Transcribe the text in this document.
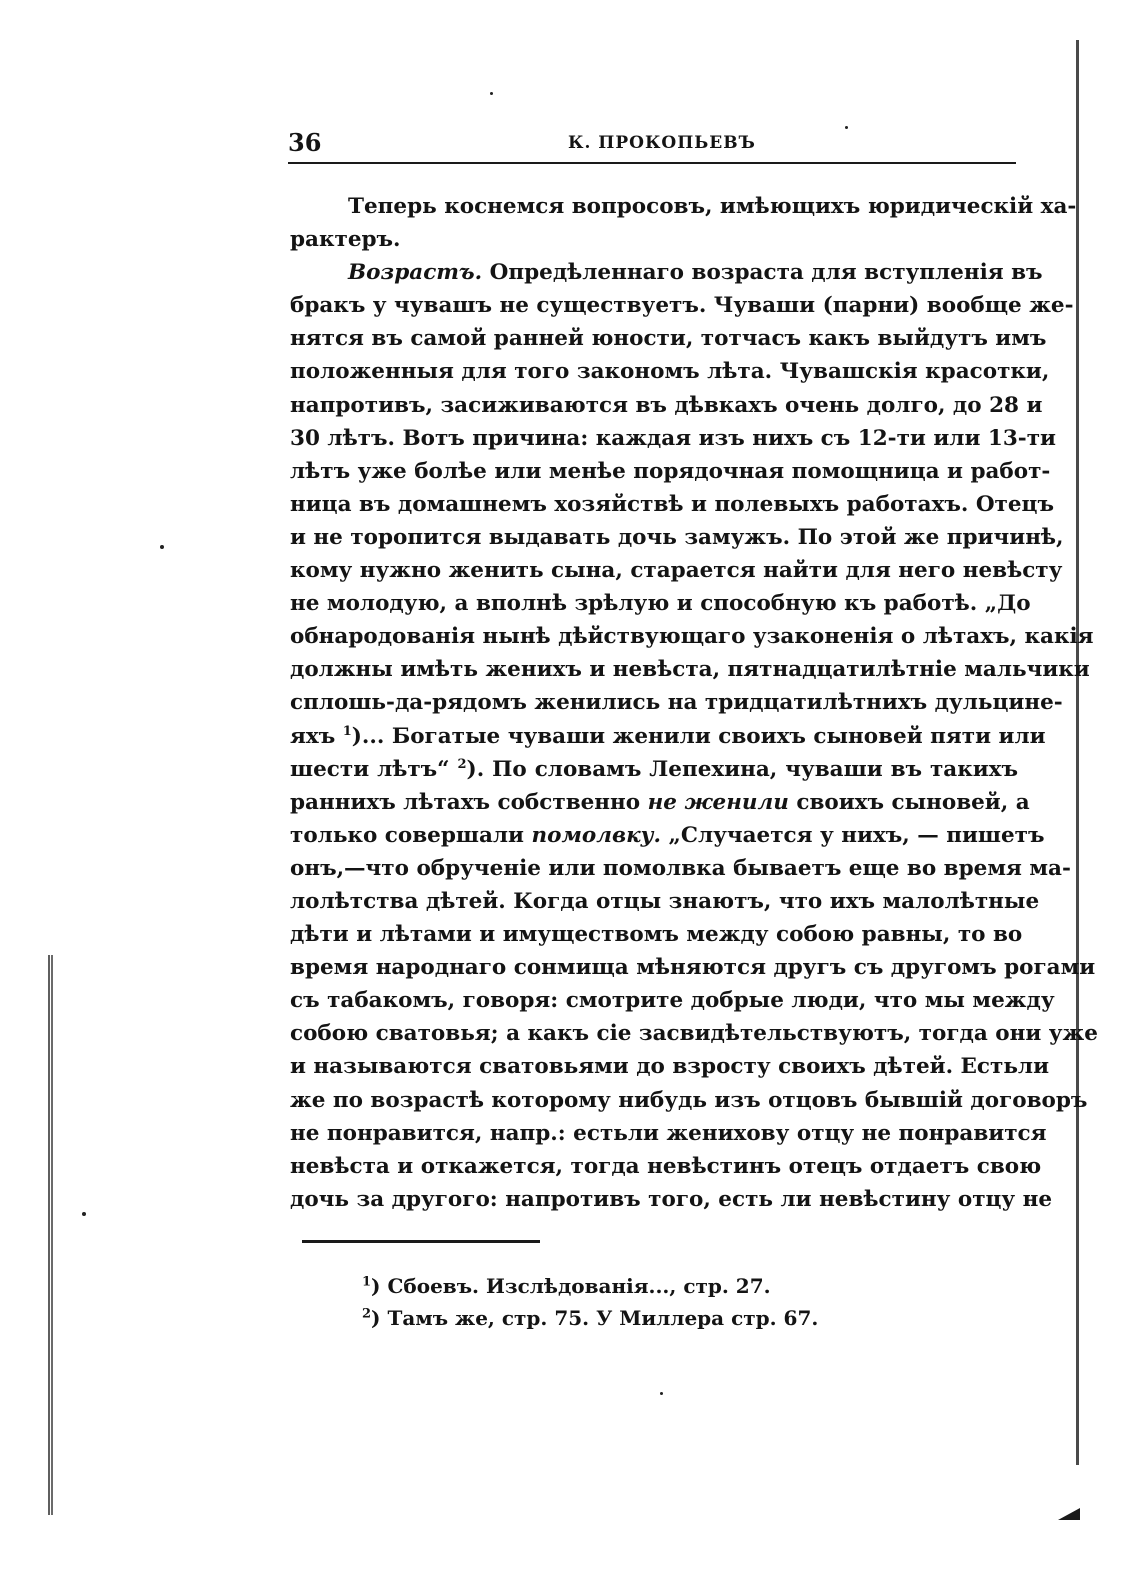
36	К. ПРОКОПЬЕВЪ
Теперь коснемся вопросовъ, имѣющихъ юридическій ха-
рактеръ.
Возрастъ. Опредѣленнаго возраста для вступленія въ
бракъ у чувашъ не существуетъ. Чуваши (парни) вообще же-
нятся въ самой ранней юности, тотчасъ какъ выйдутъ имъ
положенныя для того закономъ лѣта. Чувашскія красотки,
напротивъ, засиживаются въ дѣвкахъ очень долго, до 28 и
30 лѣтъ. Вотъ причина: каждая изъ нихъ съ 12-ти или 13-ти
лѣтъ уже болѣе или менѣе порядочная помощница и работ-
ница въ домашнемъ хозяйствѣ и полевыхъ работахъ. Отецъ
и не торопится выдавать дочь замужъ. По этой же причинѣ,
кому нужно женить сына, старается найти для него невѣсту
не молодую, а вполнѣ зрѣлую и способную къ работѣ. „До
обнародованія нынѣ дѣйствующаго узаконенія о лѣтахъ, какія
должны имѣть женихъ и невѣста, пятнадцатилѣтніе мальчики
сплошь-да-рядомъ женились на тридцатилѣтнихъ дульцине-
яхъ $^1$)... Богатые чуваши женили своихъ сыновей пяти или
шести лѣтъ“ $^2$). По словамъ Лепехина, чуваши въ такихъ
раннихъ лѣтахъ собственно не женили своихъ сыновей, а
только совершали помолвку. „Случается у нихъ, — пишетъ
онъ,—что обрученіе или помолвка бываетъ еще во время ма-
лолѣтства дѣтей. Когда отцы знаютъ, что ихъ малолѣтные
дѣти и лѣтами и имуществомъ между собою равны, то во
время народнаго сонмища мѣняются другъ съ другомъ рогами
съ табакомъ, говоря: смотрите добрые люди, что мы между
собою сватовья; а какъ сіе засвидѣтельствуютъ, тогда они уже
и называются сватовьями до взросту своихъ дѣтей. Естьли
же по возрастѣ которому нибудь изъ отцовъ бывшій договоръ
не понравится, напр.: естьли женихову отцу не понравится
невѣста и откажется, тогда невѣстинъ отецъ отдаетъ свою
дочь за другого: напротивъ того, есть ли невѣстину отцу не
$^1$) Сбоевъ. Изслѣдованія..., стр. 27.
$^2$) Тамъ же, стр. 75. У Миллера стр. 67.
